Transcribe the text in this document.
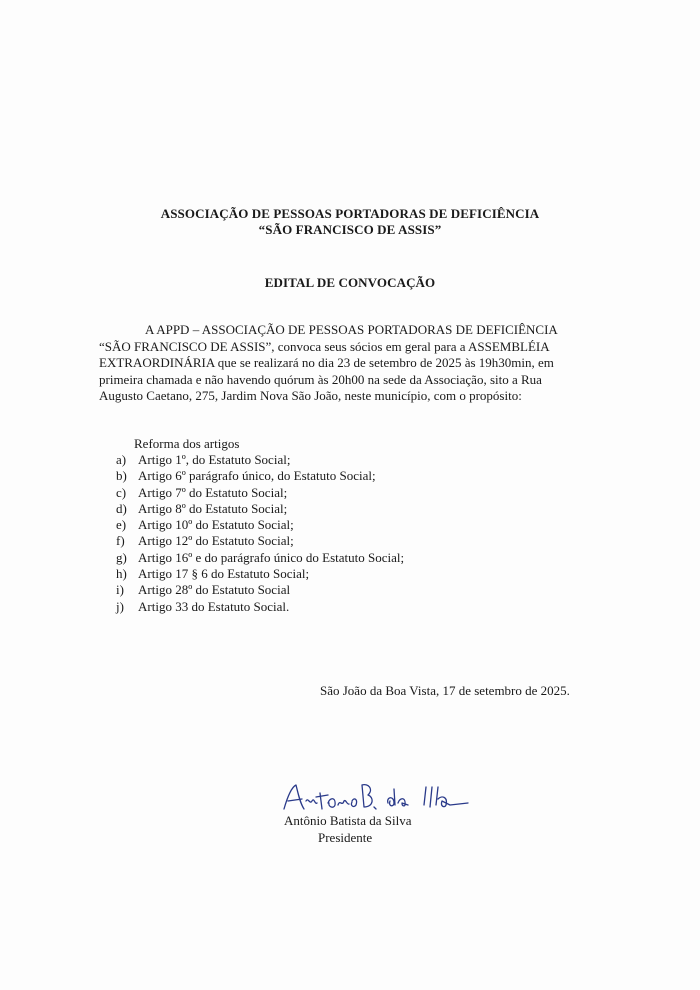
ASSOCIAÇÃO DE PESSOAS PORTADORAS DE DEFICIÊNCIA
“SÃO FRANCISCO DE ASSIS”
EDITAL DE CONVOCAÇÃO
A APPD – ASSOCIAÇÃO DE PESSOAS PORTADORAS DE DEFICIÊNCIA
“SÃO FRANCISCO DE ASSIS”, convoca seus sócios em geral para a ASSEMBLÉIA
EXTRAORDINÁRIA que se realizará no dia 23 de setembro de 2025 às 19h30min, em
primeira chamada e não havendo quórum às 20h00 na sede da Associação, sito a Rua
Augusto Caetano, 275, Jardim Nova São João, neste município, com o propósito:
Reforma dos artigos
a) Artigo 1º, do Estatuto Social;
b) Artigo 6º parágrafo único, do Estatuto Social;
c) Artigo 7º do Estatuto Social;
d) Artigo 8º do Estatuto Social;
e) Artigo 10º do Estatuto Social;
f) Artigo 12º do Estatuto Social;
g) Artigo 16º e do parágrafo único do Estatuto Social;
h) Artigo 17 § 6 do Estatuto Social;
i) Artigo 28º do Estatuto Social
j) Artigo 33 do Estatuto Social.
São João da Boa Vista, 17 de setembro de 2025.
Antônio Batista da Silva
Presidente
